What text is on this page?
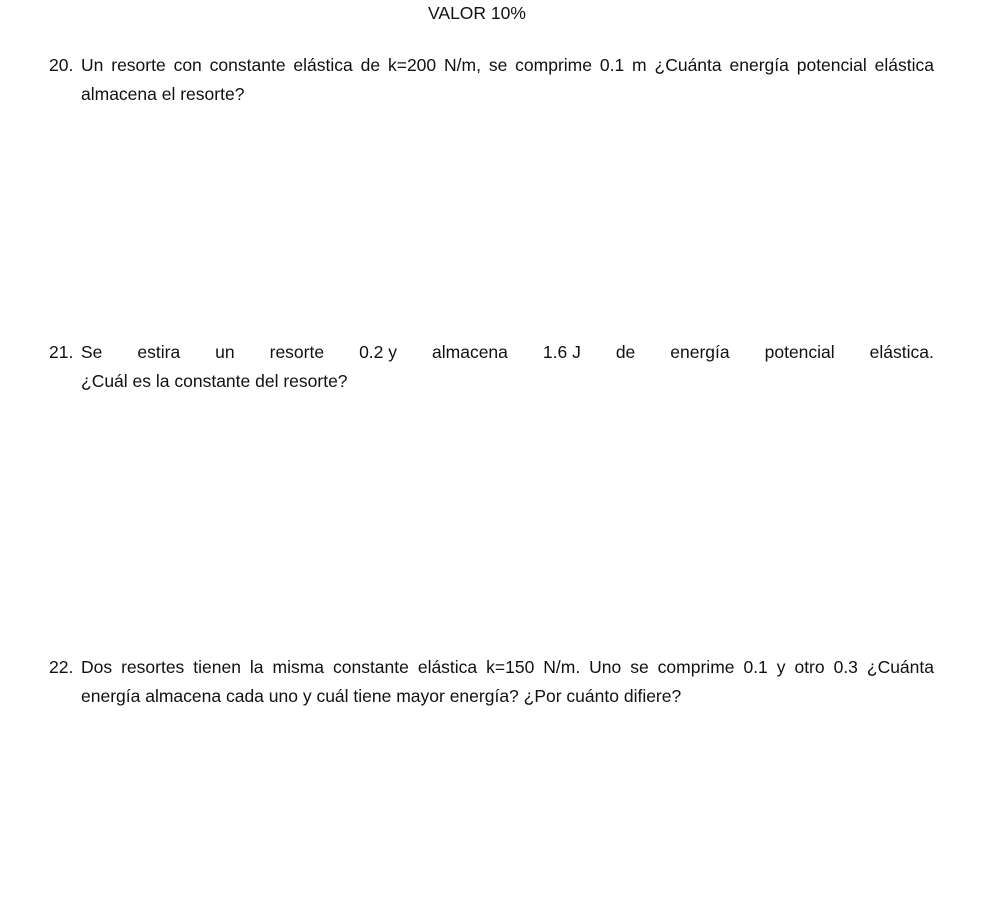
VALOR 10%
20. Un resorte con constante elástica de k=200 N/m, se comprime 0.1 m ¿Cuánta energía potencial elástica
almacena el resorte?
21. Se estira un resorte 0.2 y almacena 1.6 J de energía potencial elástica.
¿Cuál es la constante del resorte?
22. Dos resortes tienen la misma constante elástica k=150 N/m. Uno se comprime 0.1 y otro 0.3 ¿Cuánta
energía almacena cada uno y cuál tiene mayor energía? ¿Por cuánto difiere?
